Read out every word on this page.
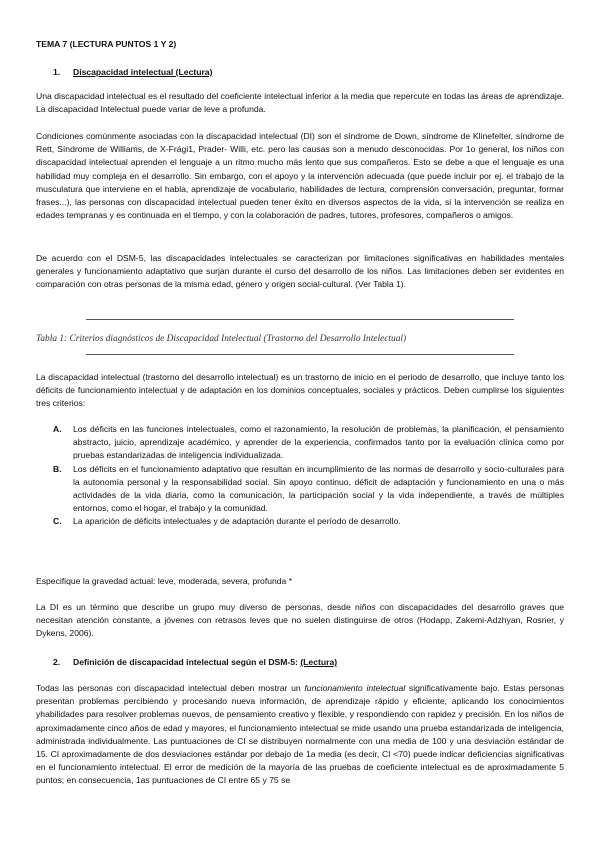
TEMA 7 (LECTURA PUNTOS 1 Y 2)
1. Discapacidad intelectual (Lectura)

Una discapacidad intelectual es el resultado del coeficiente intelectual inferior a la media que repercute en todas las áreas de aprendizaje. La discapacidad Intelectual puede variar de leve a profunda.

Condiciones comúnmente asociadas con la discapacidad intelectual (DI) son el síndrome de Down, síndrome de Klinefelter, síndrome de Rett, Síndrome de Williams, de X-Frági1, Prader- Willi, etc. pero las causas son a menudo desconocidas. Por 1o general, los niños con discapacidad intelectual aprenden el lenguaje a un ritmo mucho más lento que sus compañeros. Esto se debe a que el lenguaje es una habilidad muy compleja en el desarrollo. Sin embargo, con el apoyo y la intervención adecuada (que puede incluir por ej. el trabajo de la musculatura que interviene en el habla, aprendizaje de vocabulario, habilidades de lectura, comprensión conversación, preguntar, formar frases...), las personas con discapacidad intelectual pueden tener éxito en diversos aspectos de la vida, si la intervención se realiza en edades tempranas y es continuada en el tiempo, y con la colaboración de padres, tutores, profesores, compañeros o amigos.

De acuerdo con el DSM-5, las discapacidades intelectuales se caracterizan por limitaciones significativas en habilidades mentales generales y funcionamiento adaptativo que surjan durante el curso del desarrollo de los niños. Las limitaciones deben ser evidentes en comparación con otras personas de la misma edad, género y origen social-cultural. (Ver Tabla 1).

Tabla 1: Criterios diagnósticos de Discapacidad Intelectual (Trastorno del Desarrollo Intelectual)

La discapacidad intelectual (trastorno del desarrollo intelectual) es un trastorno de inicio en el periodo de desarrollo, que incluye tanto los déficits de funcionamiento intelectual y de adaptación en los dominios conceptuales, sociales y prácticos. Deben cumplirse los siguientes tres criterios:

A.	Los déficits en las funciones intelectuales, como el razonamiento, la resolución de problemas, la planificación, el pensamiento abstracto, juicio, aprendizaje académico, y aprender de la experiencia, confirmados tanto por la evaluación clínica como por pruebas estandarizadas de inteligencia individualizada.
B.	Los déficits en el funcionamiento adaptativo que resultan en incumplimiento de las normas de desarrollo y socio-culturales para la autonomía personal y la responsabilidad social. Sin apoyo continuo, déficit de adaptación y funcionamiento en una o más actividades de la vida diaria, como la comunicación, la participación social y la vida independiente, a través de múltiples entornos, como el hogar, el trabajo y la comunidad.
C.	La aparición de déficits intelectuales y de adaptación durante el período de desarrollo.

Especifique la gravedad actual: leve, moderada, severa, profunda *

La DI es un término que describe un grupo muy diverso de personas, desde niños con discapacidades del desarrollo graves que necesitan atención constante, a jóvenes con retrasos leves que no suelen distinguirse de otros (Hodapp, Zakemi-Adzhyan, Rosner, y Dykens, 2006).

2. Definición de discapacidad intelectual según el DSM-5: (Lectura)

Todas las personas con discapacidad intelectual deben mostrar un funcionamiento intelectual significativamente bajo. Estas personas presentan problemas percibiendo y procesando nueva información, de aprendizaje rápido y eficiente, aplicando los conocimientos yhabilidades para resolver problemas nuevos, de pensamiento creativo y flexible, y respondiendo con rapidez y precisión. En los niños de aproximadamente cinco años de edad y mayores, el funcionamiento intelectual se mide usando una prueba estandarizada de inteligencia, administrada individualmente. Las puntuaciones de CI se distribuyen normalmente con una media de 100 y una desviación estándar de 15. CI aproximadamente de dos desviaciones estándar por debajo de 1a media (es decir, CI <70) puede indicar deficiencias significativas en el funcionamiento intelectual. El error de medición de la mayoría de las pruebas de coeficiente intelectual es de aproximadamente 5 puntos; en consecuencia, 1as puntuaciones de CI entre 65 y 75 se
